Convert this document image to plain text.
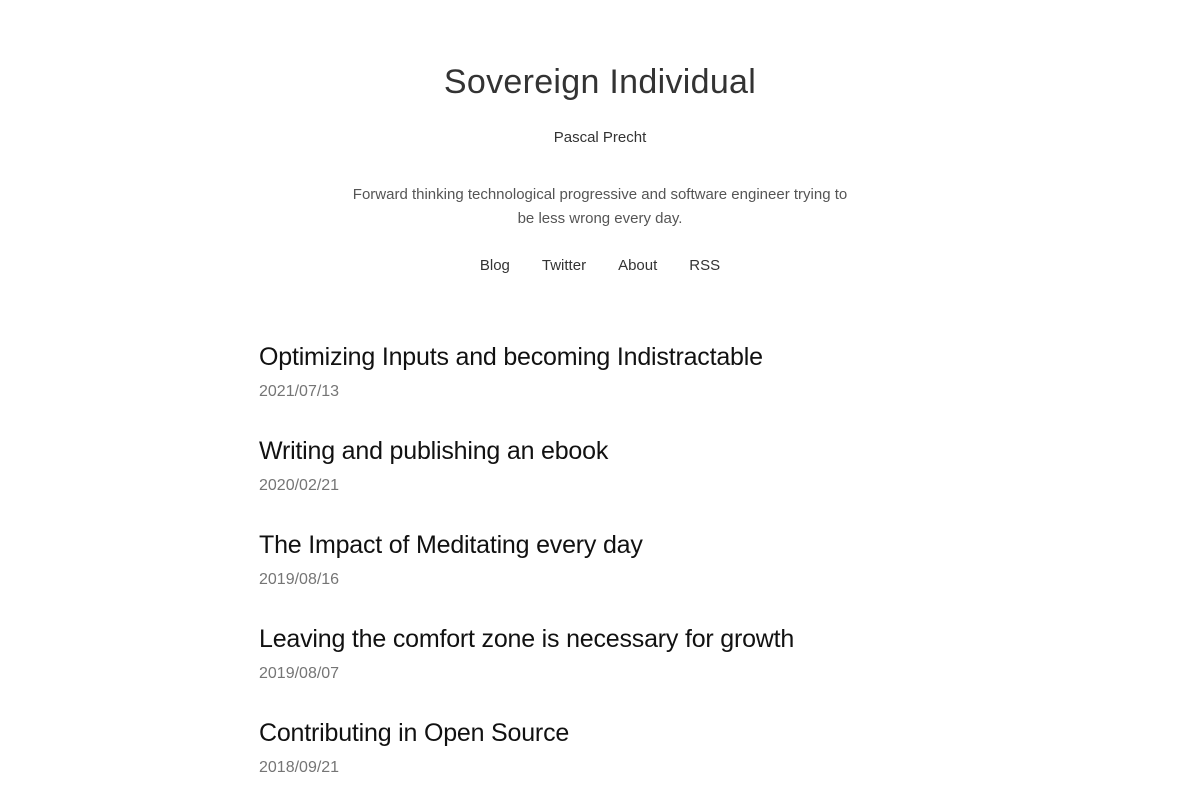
Sovereign Individual
Pascal Precht
Forward thinking technological progressive and software engineer trying to be less wrong every day.
Blog Twitter About RSS
Optimizing Inputs and becoming Indistractable
2021/07/13
Writing and publishing an ebook
2020/02/21
The Impact of Meditating every day
2019/08/16
Leaving the comfort zone is necessary for growth
2019/08/07
Contributing in Open Source
2018/09/21
